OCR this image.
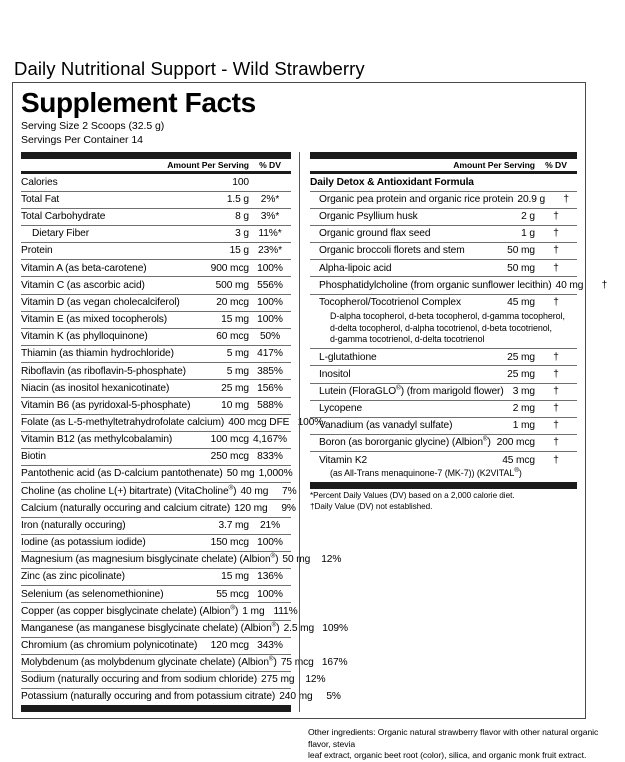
Daily Nutritional Support - Wild Strawberry
Supplement Facts
Serving Size 2 Scoops (32.5 g)
Servings Per Container 14
Amount Per Serving	% DV
Calories	100
Total Fat	1.5 g	2%*
Total Carbohydrate	8 g	3%*
Dietary Fiber	3 g 11%*
Protein	15 g 23%*
Vitamin A (as beta-carotene)	900 mcg 100%
Vitamin C (as ascorbic acid)	500 mg 556%
Vitamin D (as vegan cholecalciferol)	20 mcg 100%
Vitamin E (as mixed tocopherols)	15 mg 100%
Vitamin K (as phylloquinone)	60 mcg	50%
Thiamin (as thiamin hydrochloride)	5 mg 417%
Riboflavin (as riboflavin-5-phosphate)	5 mg 385%
Niacin (as inositol hexanicotinate)	25 mg 156%
Vitamin B6 (as pyridoxal-5-phosphate)	10 mg 588%
Folate (as L-5-methyltetrahydrofolate calcium) 400 mcg DFE 100%
Vitamin B12 (as methylcobalamin)	100 mcg 4,167%
Biotin	250 mcg 833%
Pantothenic acid (as D-calcium pantothenate) 50 mg 1,000%
Choline (as choline L(+) bitartrate) (VitaCholine®) 40 mg	7%
Calcium (naturally occuring and calcium citrate) 120 mg	9%
Iron (naturally occuring)	3.7 mg	21%
Iodine (as potassium iodide)	150 mcg 100%
Magnesium (as magnesium bisglycinate chelate) (Albion®) 50 mg	12%
Zinc (as zinc picolinate)	15 mg 136%
Selenium (as selenomethionine)	55 mcg 100%
Copper (as copper bisglycinate chelate) (Albion®) 1 mg 111%
Manganese (as manganese bisglycinate chelate) (Albion®) 2.5 mg 109%
Chromium (as chromium polynicotinate)	120 mcg 343%
Molybdenum (as molybdenum glycinate chelate) (Albion®) 75 mcg 167%
Sodium (naturally occuring and from sodium chloride) 275 mg	12%
Potassium (naturally occuring and from potassium citrate) 240 mg	5%
Amount Per Serving	% DV
Daily Detox & Antioxidant Formula
Organic pea protein and organic rice protein 20.9 g	†
Organic Psyllium husk	2 g	†
Organic ground flax seed	1 g	†
Organic broccoli florets and stem	50 mg	†
Alpha-lipoic acid	50 mg	†
Phosphatidylcholine (from organic sunflower lecithin) 40 mg	†
Tocopherol/Tocotrienol Complex	45 mg	†
D-alpha tocopherol, d-beta tocopherol, d-gamma tocopherol,
d-delta tocopherol, d-alpha tocotrienol, d-beta tocotrienol,
d-gamma tocotrienol, d-delta tocotrienol
L-glutathione	25 mg	†
Inositol	25 mg	†
Lutein (FloraGLO®) (from marigold flower) 3 mg	†
Lycopene	2 mg	†
Vanadium (as vanadyl sulfate)	1 mg	†
Boron (as bororganic glycine) (Albion®) 200 mcg	†
Vitamin K2	45 mcg	†
(as All-Trans menaquinone-7 (MK-7)) (K2VITAL®)
*Percent Daily Values (DV) based on a 2,000 calorie diet.
†Daily Value (DV) not established.
Other ingredients: Organic natural strawberry flavor with other natural organic flavor, stevia
leaf extract, organic beet root (color), silica, and organic monk fruit extract.
